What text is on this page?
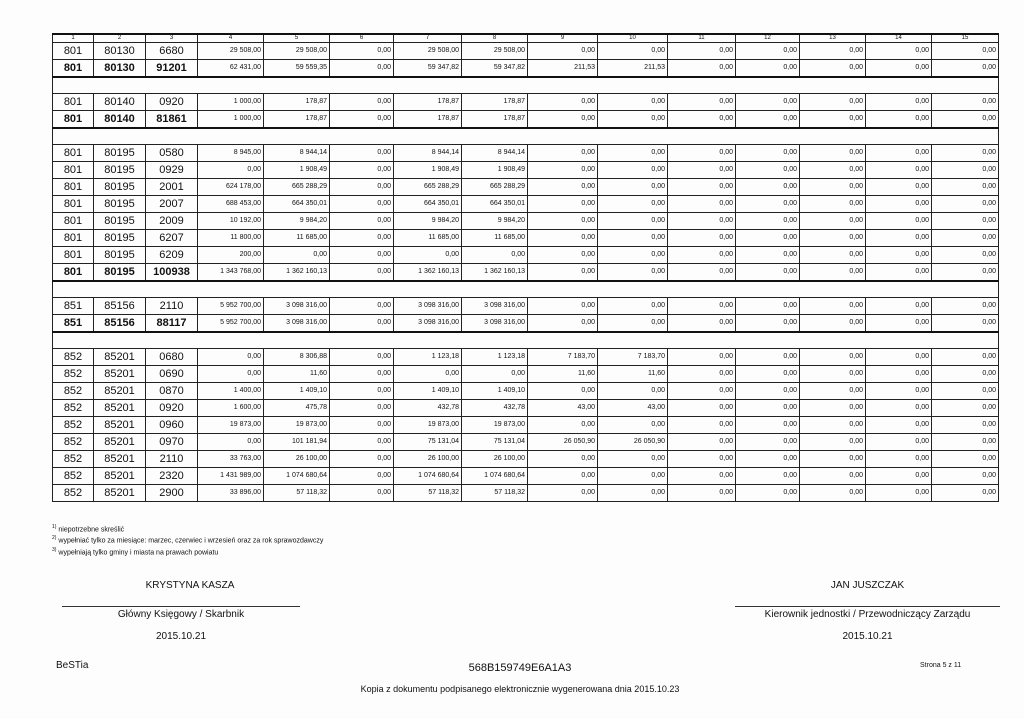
1	2	3	4	5	6	7	8	9	10	11	12	13	14	15
801	80130	6680	29 508,00	29 508,00	0,00	29 508,00	29 508,00	0,00	0,00	0,00	0,00	0,00	0,00	0,00
801	80130	91201	62 431,00	59 559,35	0,00	59 347,82	59 347,82	211,53	211,53	0,00	0,00	0,00	0,00	0,00

801	80140	0920	1 000,00	178,87	0,00	178,87	178,87	0,00	0,00	0,00	0,00	0,00	0,00	0,00
801	80140	81861	1 000,00	178,87	0,00	178,87	178,87	0,00	0,00	0,00	0,00	0,00	0,00	0,00

801	80195	0580	8 945,00	8 944,14	0,00	8 944,14	8 944,14	0,00	0,00	0,00	0,00	0,00	0,00	0,00
801	80195	0929	0,00	1 908,49	0,00	1 908,49	1 908,49	0,00	0,00	0,00	0,00	0,00	0,00	0,00
801	80195	2001	624 178,00	665 288,29	0,00	665 288,29	665 288,29	0,00	0,00	0,00	0,00	0,00	0,00	0,00
801	80195	2007	688 453,00	664 350,01	0,00	664 350,01	664 350,01	0,00	0,00	0,00	0,00	0,00	0,00	0,00
801	80195	2009	10 192,00	9 984,20	0,00	9 984,20	9 984,20	0,00	0,00	0,00	0,00	0,00	0,00	0,00
801	80195	6207	11 800,00	11 685,00	0,00	11 685,00	11 685,00	0,00	0,00	0,00	0,00	0,00	0,00	0,00
801	80195	6209	200,00	0,00	0,00	0,00	0,00	0,00	0,00	0,00	0,00	0,00	0,00	0,00
801	80195	100938	1 343 768,00	1 362 160,13	0,00	1 362 160,13	1 362 160,13	0,00	0,00	0,00	0,00	0,00	0,00	0,00

851	85156	2110	5 952 700,00	3 098 316,00	0,00	3 098 316,00	3 098 316,00	0,00	0,00	0,00	0,00	0,00	0,00	0,00
851	85156	88117	5 952 700,00	3 098 316,00	0,00	3 098 316,00	3 098 316,00	0,00	0,00	0,00	0,00	0,00	0,00	0,00

852	85201	0680	0,00	8 306,88	0,00	1 123,18	1 123,18	7 183,70	7 183,70	0,00	0,00	0,00	0,00	0,00
852	85201	0690	0,00	11,60	0,00	0,00	0,00	11,60	11,60	0,00	0,00	0,00	0,00	0,00
852	85201	0870	1 400,00	1 409,10	0,00	1 409,10	1 409,10	0,00	0,00	0,00	0,00	0,00	0,00	0,00
852	85201	0920	1 600,00	475,78	0,00	432,78	432,78	43,00	43,00	0,00	0,00	0,00	0,00	0,00
852	85201	0960	19 873,00	19 873,00	0,00	19 873,00	19 873,00	0,00	0,00	0,00	0,00	0,00	0,00	0,00
852	85201	0970	0,00	101 181,94	0,00	75 131,04	75 131,04	26 050,90	26 050,90	0,00	0,00	0,00	0,00	0,00
852	85201	2110	33 763,00	26 100,00	0,00	26 100,00	26 100,00	0,00	0,00	0,00	0,00	0,00	0,00	0,00
852	85201	2320	1 431 989,00	1 074 680,64	0,00	1 074 680,64	1 074 680,64	0,00	0,00	0,00	0,00	0,00	0,00	0,00
852	85201	2900	33 896,00	57 118,32	0,00	57 118,32	57 118,32	0,00	0,00	0,00	0,00	0,00	0,00	0,00
$^{1)}$ niepotrzebne skreślić
$^{2)}$ wypełniać tylko za miesiące: marzec, czerwiec i wrzesień oraz za rok sprawozdawczy
$^{3)}$ wypełniają tylko gminy i miasta na prawach powiatu
KRYSTYNA KASZA
Główny Księgowy / Skarbnik
2015.10.21
JAN JUSZCZAK
Kierownik jednostki / Przewodniczący Zarządu
2015.10.21
BeSTia	568B159749E6A1A3	Strona 5 z 11
Kopia z dokumentu podpisanego elektronicznie wygenerowana dnia 2015.10.23
